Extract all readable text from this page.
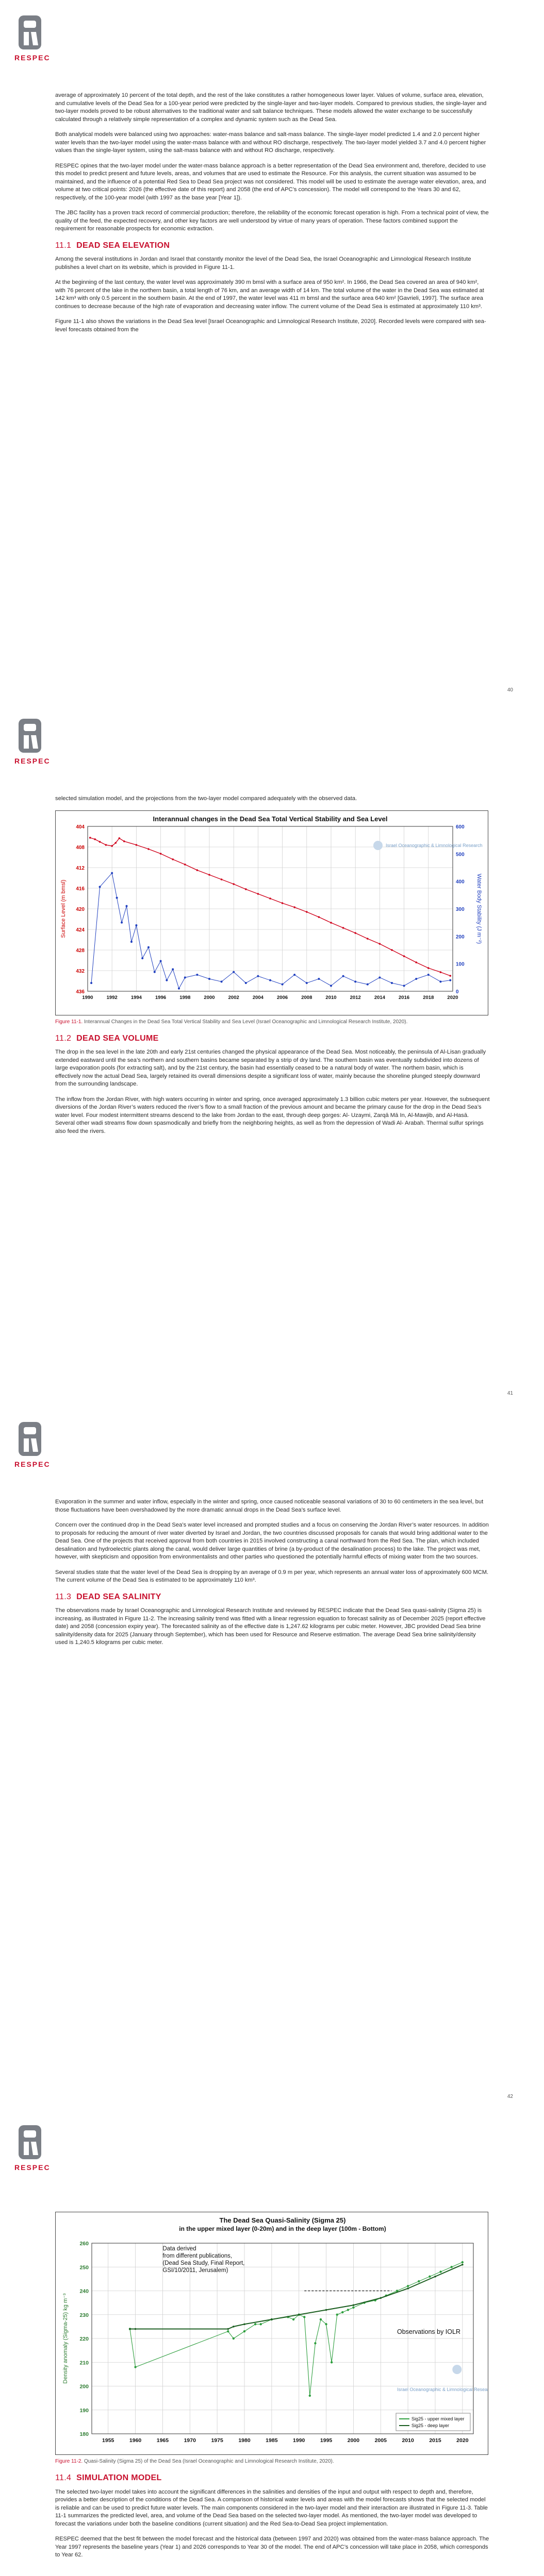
RESPEC

average of approximately 10 percent of the total depth, and the rest of the lake constitutes a rather homogeneous lower layer. Values of volume, surface area, elevation, and cumulative levels of the Dead Sea for a 100-year period were predicted by the single-layer and two-layer models. Compared to previous studies, the single-layer and two-layer models proved to be robust alternatives to the traditional water and salt balance techniques. These models allowed the water exchange to be successfully calculated through a relatively simple representation of a complex and dynamic system such as the Dead Sea.

Both analytical models were balanced using two approaches: water-mass balance and salt-mass balance. The single-layer model predicted 1.4 and 2.0 percent higher water levels than the two-layer model using the water-mass balance with and without RO discharge, respectively. The two-layer model yielded 3.7 and 4.0 percent higher values than the single-layer system, using the salt-mass balance with and without RO discharge, respectively.

RESPEC opines that the two-layer model under the water-mass balance approach is a better representation of the Dead Sea environment and, therefore, decided to use this model to predict present and future levels, areas, and volumes that are used to estimate the Resource. For this analysis, the current situation was assumed to be maintained, and the influence of a potential Red Sea to Dead Sea project was not considered. This model will be used to estimate the average water elevation, area, and volume at two critical points: 2026 (the effective date of this report) and 2058 (the end of APC’s concession). The model will correspond to the Years 30 and 62, respectively, of the 100-year model (with 1997 as the base year [Year 1]).

The JBC facility has a proven track record of commercial production; therefore, the reliability of the economic forecast operation is high. From a technical point of view, the quality of the feed, the expected recovery, and other key factors are well understood by virtue of many years of operation. These factors combined support the requirement for reasonable prospects for economic extraction.

11.1 DEAD SEA ELEVATION

Among the several institutions in Jordan and Israel that constantly monitor the level of the Dead Sea, the Israel Oceanographic and Limnological Research Institute publishes a level chart on its website, which is provided in Figure 11-1.

At the beginning of the last century, the water level was approximately 390 m bmsl with a surface area of 950 km². In 1966, the Dead Sea covered an area of 940 km², with 76 percent of the lake in the northern basin, a total length of 76 km, and an average width of 14 km. The total volume of the water in the Dead Sea was estimated at 142 km³ with only 0.5 percent in the southern basin. At the end of 1997, the water level was 411 m bmsl and the surface area 640 km² [Gavrieli, 1997]. The surface area continues to decrease because of the high rate of evaporation and decreasing water inflow. The current volume of the Dead Sea is estimated at approximately 110 km³.

Figure 11-1 also shows the variations in the Dead Sea level [Israel Oceanographic and Limnological Research Institute, 2020]. Recorded levels were compared with sea-level forecasts obtained from the

40
RESPEC

selected simulation model, and the projections from the two-layer model compared adequately with the observed data.

Interannual changes in the Dead Sea Total Vertical Stability and Sea Level
404
408
412
416
420
424
428
432
436
1990	1992	1994	1996	1998	2000	2002	2004	2006	2008	2010	2012	2014	2016	2018	2020
0
100
200
300
400
500
600
Surface Level (m bmsl)	Water Body Stability (J m⁻²)
Israel Oceanographic & Limnological Research
Figure 11-1. Interannual Changes in the Dead Sea Total Vertical Stability and Sea Level (Israel Oceanographic and Limnological Research Institute, 2020).
11.2 DEAD SEA VOLUME

The drop in the sea level in the late 20th and early 21st centuries changed the physical appearance of the Dead Sea. Most noticeably, the peninsula of Al-Lisan gradually extended eastward until the sea’s northern and southern basins became separated by a strip of dry land. The southern basin was eventually subdivided into dozens of large evaporation pools (for extracting salt), and by the 21st century, the basin had essentially ceased to be a natural body of water. The northern basin, which is effectively now the actual Dead Sea, largely retained its overall dimensions despite a significant loss of water, mainly because the shoreline plunged steeply downward from the surrounding landscape.

The inflow from the Jordan River, with high waters occurring in winter and spring, once averaged approximately 1.3 billion cubic meters per year. However, the subsequent diversions of the Jordan River’s waters reduced the river’s flow to a small fraction of the previous amount and became the primary cause for the drop in the Dead Sea’s water level. Four modest intermittent streams descend to the lake from Jordan to the east, through deep gorges: Al- Uzaymi, Zarqā Mā In, Al-Mawjib, and Al-Hasā. Several other wadi streams flow down spasmodically and briefly from the neighboring heights, as well as from the depression of Wadi Al- Arabah. Thermal sulfur springs also feed the rivers.

41
RESPEC

Evaporation in the summer and water inflow, especially in the winter and spring, once caused noticeable seasonal variations of 30 to 60 centimeters in the sea level, but those fluctuations have been overshadowed by the more dramatic annual drops in the Dead Sea’s surface level.

Concern over the continued drop in the Dead Sea’s water level increased and prompted studies and a focus on conserving the Jordan River’s water resources. In addition to proposals for reducing the amount of river water diverted by Israel and Jordan, the two countries discussed proposals for canals that would bring additional water to the Dead Sea. One of the projects that received approval from both countries in 2015 involved constructing a canal northward from the Red Sea. The plan, which included desalination and hydroelectric plants along the canal, would deliver large quantities of brine (a by-product of the desalination process) to the lake. The project was met, however, with skepticism and opposition from environmentalists and other parties who questioned the potentially harmful effects of mixing water from the two sources.

Several studies state that the water level of the Dead Sea is dropping by an average of 0.9 m per year, which represents an annual water loss of approximately 600 MCM. The current volume of the Dead Sea is estimated to be approximately 110 km³.

11.3 DEAD SEA SALINITY

The observations made by Israel Oceanographic and Limnological Research Institute and reviewed by RESPEC indicate that the Dead Sea quasi-salinity (Sigma 25) is increasing, as illustrated in Figure 11-2. The increasing salinity trend was fitted with a linear regression equation to forecast salinity as of December 2025 (report effective date) and 2058 (concession expiry year). The forecasted salinity as of the effective date is 1,247.62 kilograms per cubic meter. However, JBC provided Dead Sea brine salinity/density data for 2025 (January through September), which has been used for Resource and Reserve estimation. The average Dead Sea brine salinity/density used is 1,240.5 kilograms per cubic meter.

42
RESPEC
The Dead Sea Quasi-Salinity (Sigma 25)
in the upper mixed layer (0-20m) and in the deep layer (100m - Bottom)
180
190
200
210
220
230
240
250
260
1955	1960	1965	1970	1975	1980	1985	1990	1995	2000	2005	2010	2015	2020
Density anomaly (Sigma-25) kg m⁻³
Data derived from different publications, (Dead Sea Study, Final Report, GSI/10/2011, Jerusalem)
Observations by IOLR
Israel Oceanographic & Limnological Research
Sig25 - upper mixed layer
Sig25 - deep layer
Figure 11-2. Quasi-Salinity (Sigma 25) of the Dead Sea (Israel Oceanographic and Limnological Research Institute, 2020).
11.4 SIMULATION MODEL

The selected two-layer model takes into account the significant differences in the salinities and densities of the input and output with respect to depth and, therefore, provides a better description of the conditions of the Dead Sea. A comparison of historical water levels and areas with the model forecasts shows that the selected model is reliable and can be used to predict future water levels. The main components considered in the two-layer model and their interaction are illustrated in Figure 11-3. Table 11-1 summarizes the predicted level, area, and volume of the Dead Sea based on the selected two-layer model. As mentioned, the two-layer model was developed to forecast the variations under both the baseline conditions (current situation) and the Red Sea-to-Dead Sea project implementation.

RESPEC deemed that the best fit between the model forecast and the historical data (between 1997 and 2020) was obtained from the water-mass balance approach. The Year 1997 represents the baseline years (Year 1) and 2026 corresponds to Year 30 of the model. The end of APC’s concession will take place in 2058, which corresponds to Year 62.
